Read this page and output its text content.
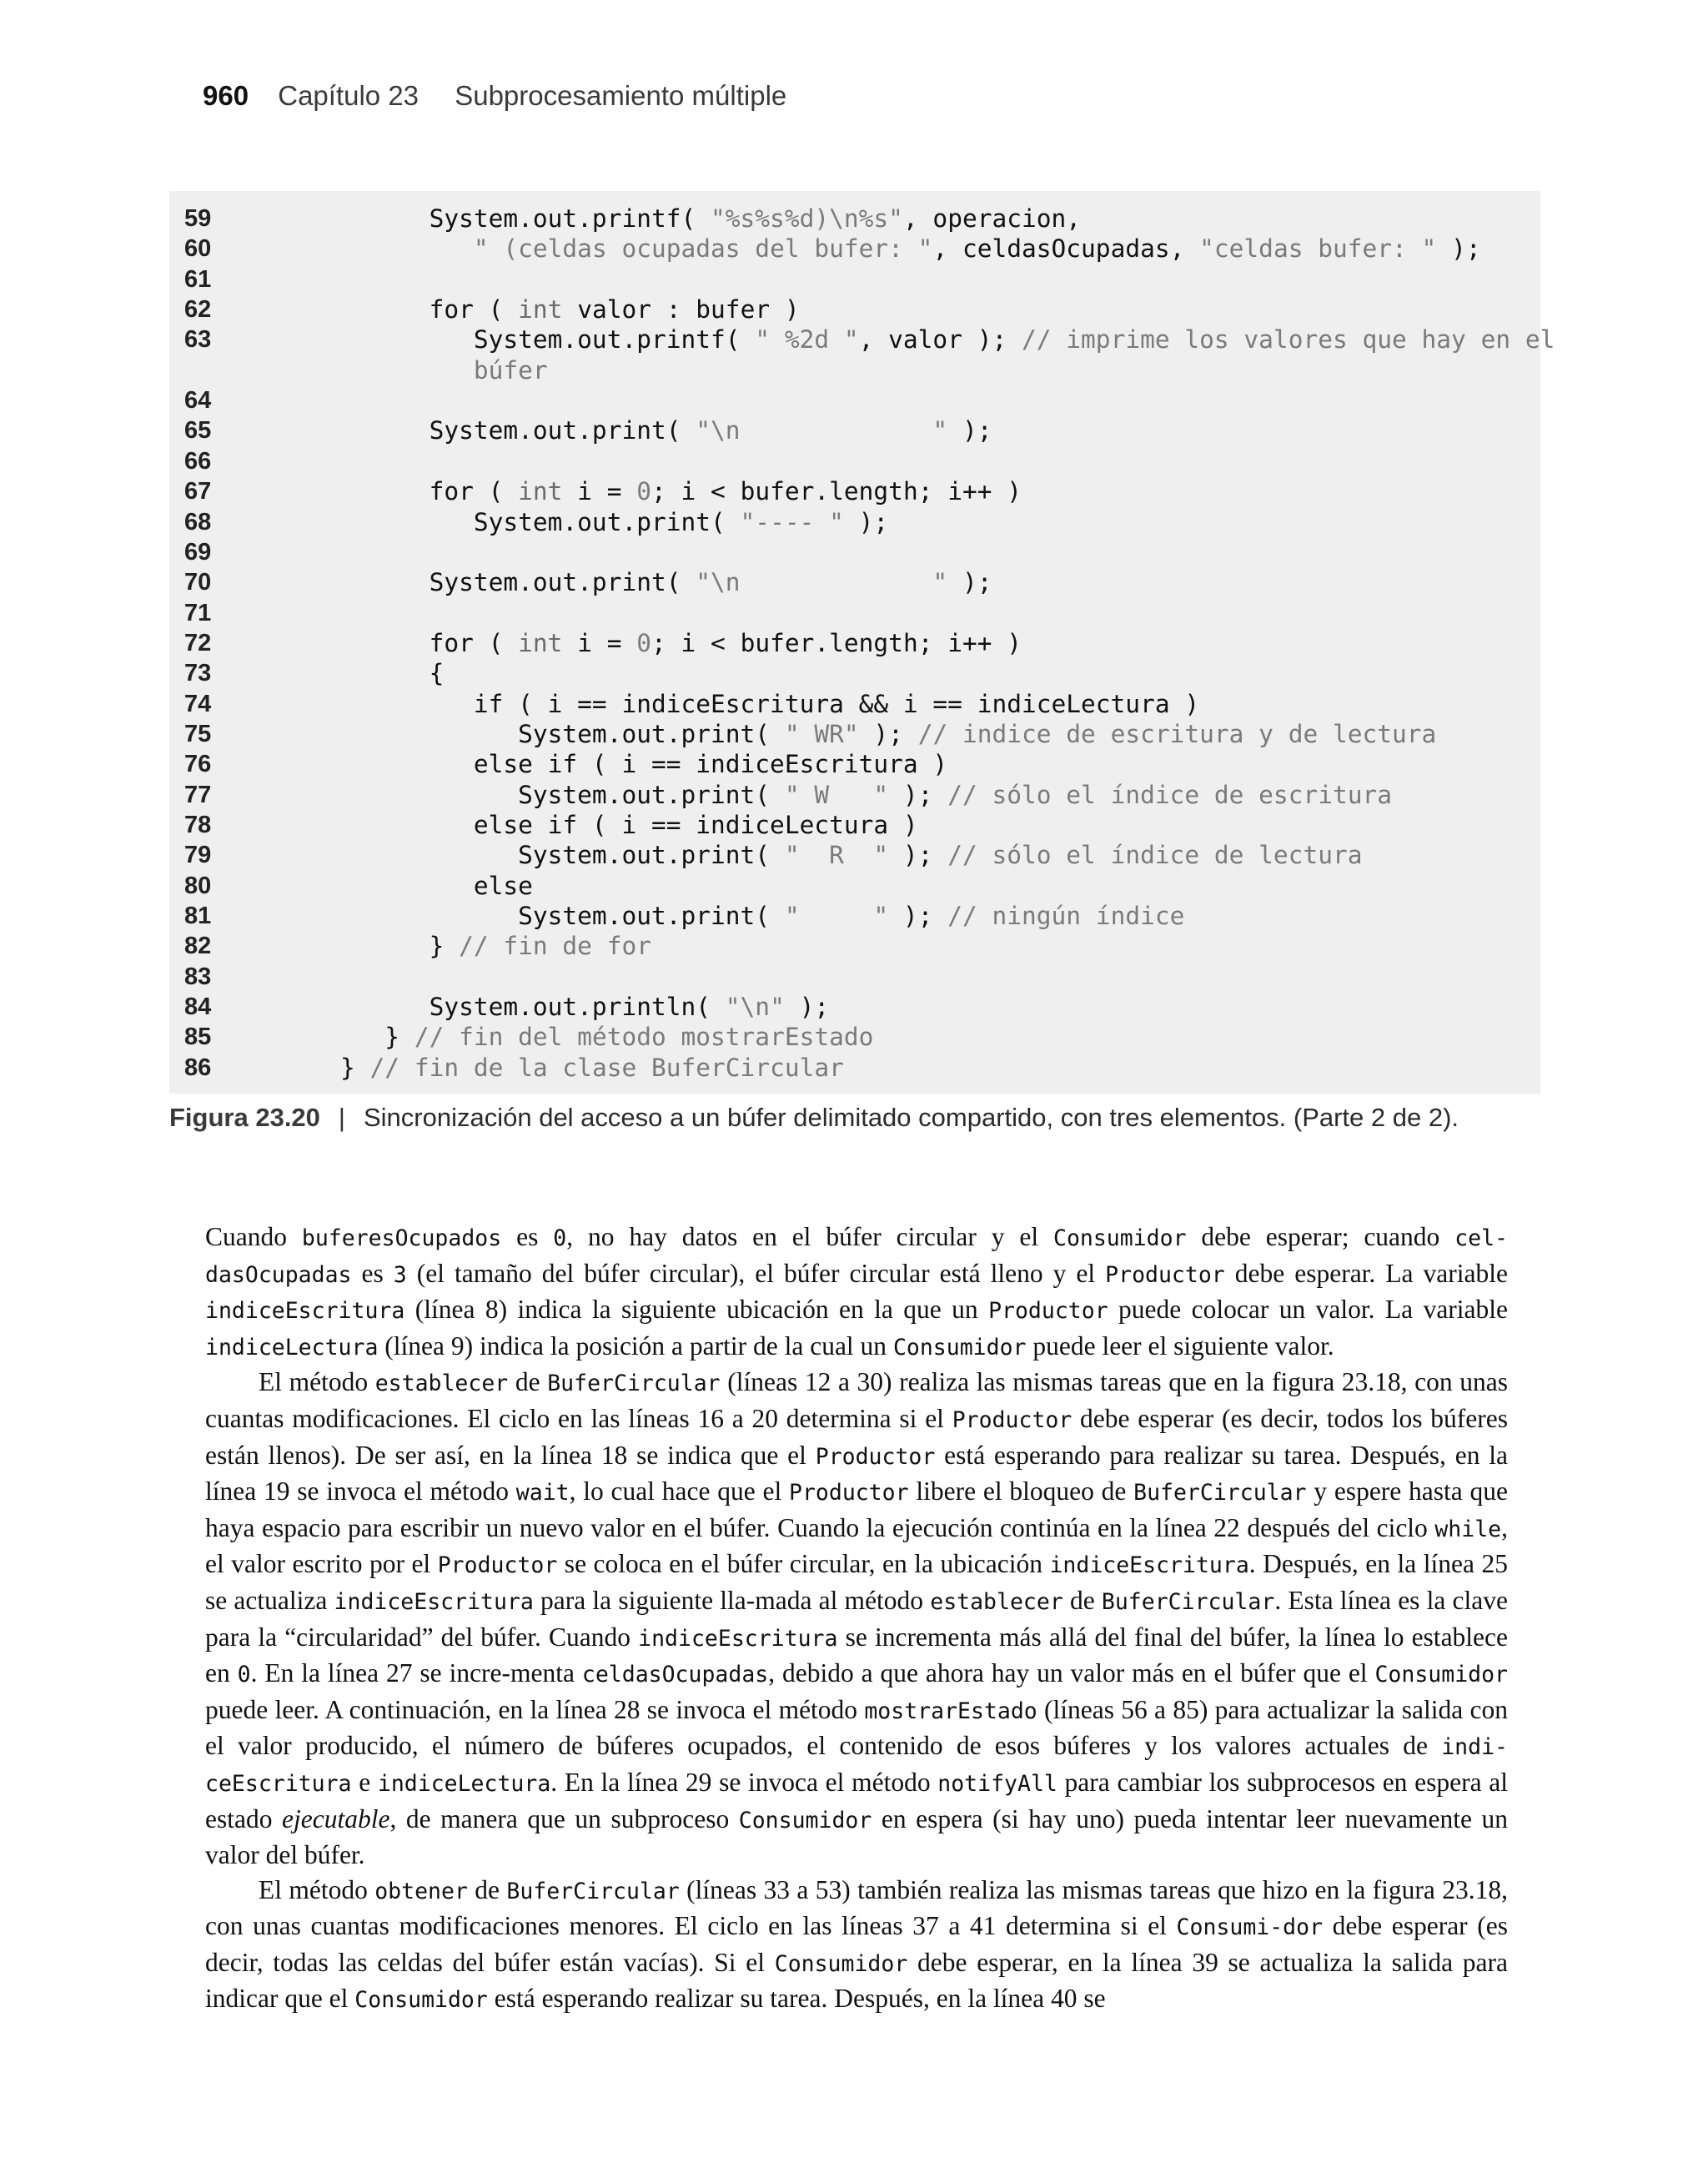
960 Capítulo 23 Subprocesamiento múltiple
59	System.out.printf( "%s%s%d)\n%s", operacion,
60	" (celdas ocupadas del bufer: ", celdasOcupadas, "celdas bufer: " );
61
62	for ( int valor : bufer )
63	System.out.printf( " %2d ", valor ); // imprime los valores que hay en el
búfer
64
65	System.out.print( "\n             " );
66
67	for ( int i = 0; i < bufer.length; i++ )
68	System.out.print( "---- " );
69
70	System.out.print( "\n             " );
71
72	for ( int i = 0; i < bufer.length; i++ )
73	{
74	if ( i == indiceEscritura && i == indiceLectura )
75	System.out.print( " WR" ); // indice de escritura y de lectura
76	else if ( i == indiceEscritura )
77	System.out.print( " W   " ); // sólo el índice de escritura
78	else if ( i == indiceLectura )
79	System.out.print( "  R  " ); // sólo el índice de lectura
80	else
81	System.out.print( "     " ); // ningún índice
82	} // fin de for
83
84	System.out.println( "\n" );
85	} // fin del método mostrarEstado
86	} // fin de la clase BuferCircular
Figura 23.20 | Sincronización del acceso a un búfer delimitado compartido, con tres elementos. (Parte 2 de 2).

Cuando buferesOcupados es 0, no hay datos en el búfer circular y el Consumidor debe esperar; cuando cel-dasOcupadas es 3 (el tamaño del búfer circular), el búfer circular está lleno y el Productor debe esperar. La variable indiceEscritura (línea 8) indica la siguiente ubicación en la que un Productor puede colocar un valor. La variable indiceLectura (línea 9) indica la posición a partir de la cual un Consumidor puede leer el siguiente valor.

El método establecer de BuferCircular (líneas 12 a 30) realiza las mismas tareas que en la figura 23.18, con unas cuantas modificaciones. El ciclo en las líneas 16 a 20 determina si el Productor debe esperar (es decir, todos los búferes están llenos). De ser así, en la línea 18 se indica que el Productor está esperando para realizar su tarea. Después, en la línea 19 se invoca el método wait, lo cual hace que el Productor libere el bloqueo de BuferCircular y espere hasta que haya espacio para escribir un nuevo valor en el búfer. Cuando la ejecución continúa en la línea 22 después del ciclo while, el valor escrito por el Productor se coloca en el búfer circular, en la ubicación indiceEscritura. Después, en la línea 25 se actualiza indiceEscritura para la siguiente lla-mada al método establecer de BuferCircular. Esta línea es la clave para la “circularidad” del búfer. Cuando indiceEscritura se incrementa más allá del final del búfer, la línea lo establece en 0. En la línea 27 se incre-menta celdasOcupadas, debido a que ahora hay un valor más en el búfer que el Consumidor puede leer. A continuación, en la línea 28 se invoca el método mostrarEstado (líneas 56 a 85) para actualizar la salida con el valor producido, el número de búferes ocupados, el contenido de esos búferes y los valores actuales de indi-ceEscritura e indiceLectura. En la línea 29 se invoca el método notifyAll para cambiar los subprocesos en espera al estado ejecutable, de manera que un subproceso Consumidor en espera (si hay uno) pueda intentar leer nuevamente un valor del búfer.

El método obtener de BuferCircular (líneas 33 a 53) también realiza las mismas tareas que hizo en la figura 23.18, con unas cuantas modificaciones menores. El ciclo en las líneas 37 a 41 determina si el Consumi-dor debe esperar (es decir, todas las celdas del búfer están vacías). Si el Consumidor debe esperar, en la línea 39 se actualiza la salida para indicar que el Consumidor está esperando realizar su tarea. Después, en la línea 40 se
